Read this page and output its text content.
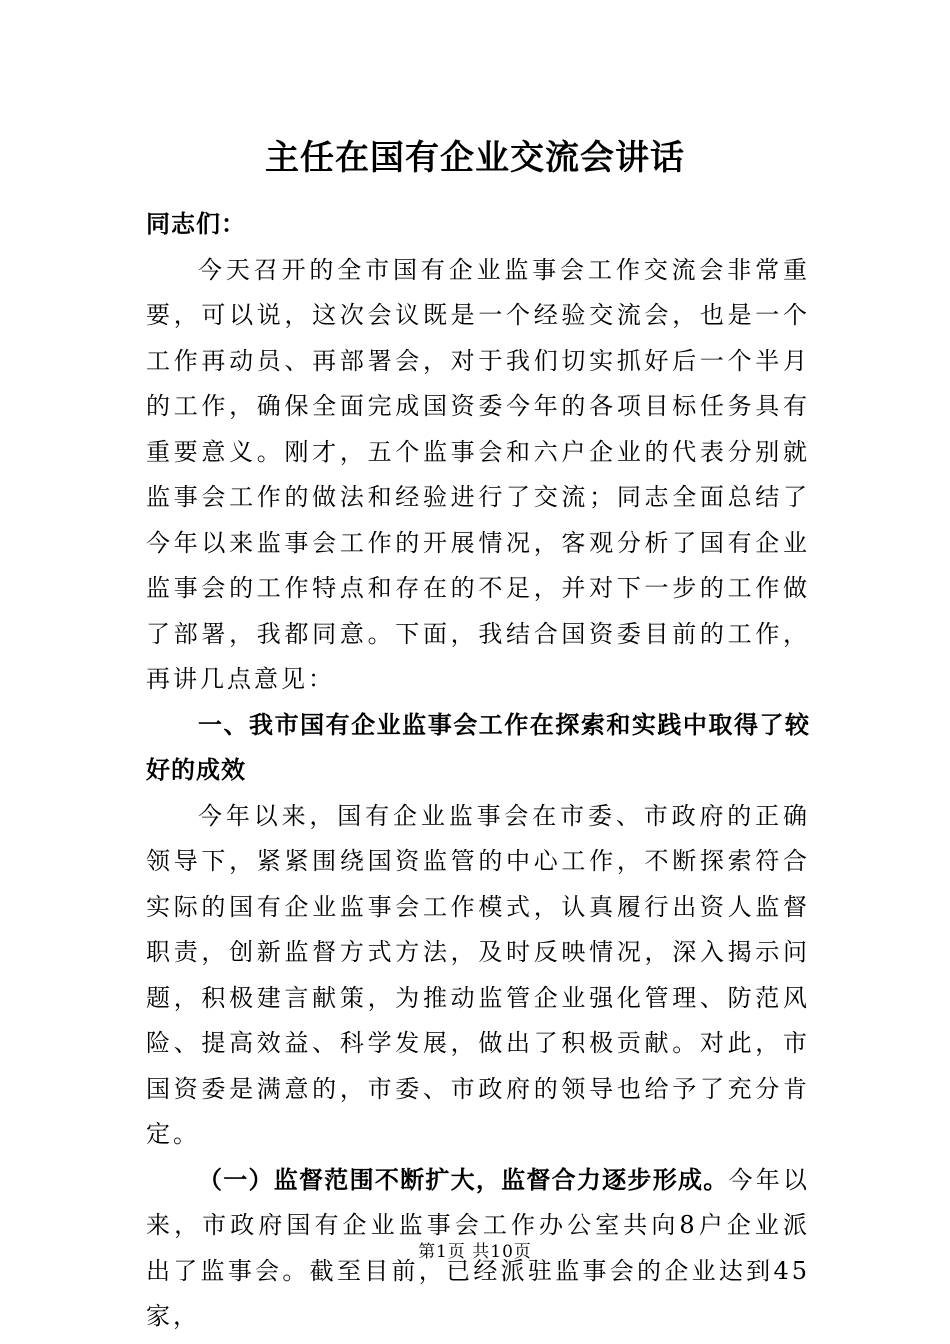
主任在国有企业交流会讲话

同志们：

今天召开的全市国有企业监事会工作交流会非常重要，可以说，这次会议既是一个经验交流会，也是一个工作再动员、再部署会，对于我们切实抓好后一个半月的工作，确保全面完成国资委今年的各项目标任务具有重要意义。刚才，五个监事会和六户企业的代表分别就监事会工作的做法和经验进行了交流；同志全面总结了今年以来监事会工作的开展情况，客观分析了国有企业监事会的工作特点和存在的不足，并对下一步的工作做了部署，我都同意。下面，我结合国资委目前的工作，再讲几点意见：

一、我市国有企业监事会工作在探索和实践中取得了较好的成效

今年以来，国有企业监事会在市委、市政府的正确领导下，紧紧围绕国资监管的中心工作，不断探索符合实际的国有企业监事会工作模式，认真履行出资人监督职责，创新监督方式方法，及时反映情况，深入揭示问题，积极建言献策，为推动监管企业强化管理、防范风险、提高效益、科学发展，做出了积极贡献。对此，市国资委是满意的，市委、市政府的领导也给予了充分肯定。

（一）监督范围不断扩大，监督合力逐步形成。今年以来，市政府国有企业监事会工作办公室共向8户企业派出了监事会。截至目前，已经派驻监事会的企业达到45家，

第1页 共10页
